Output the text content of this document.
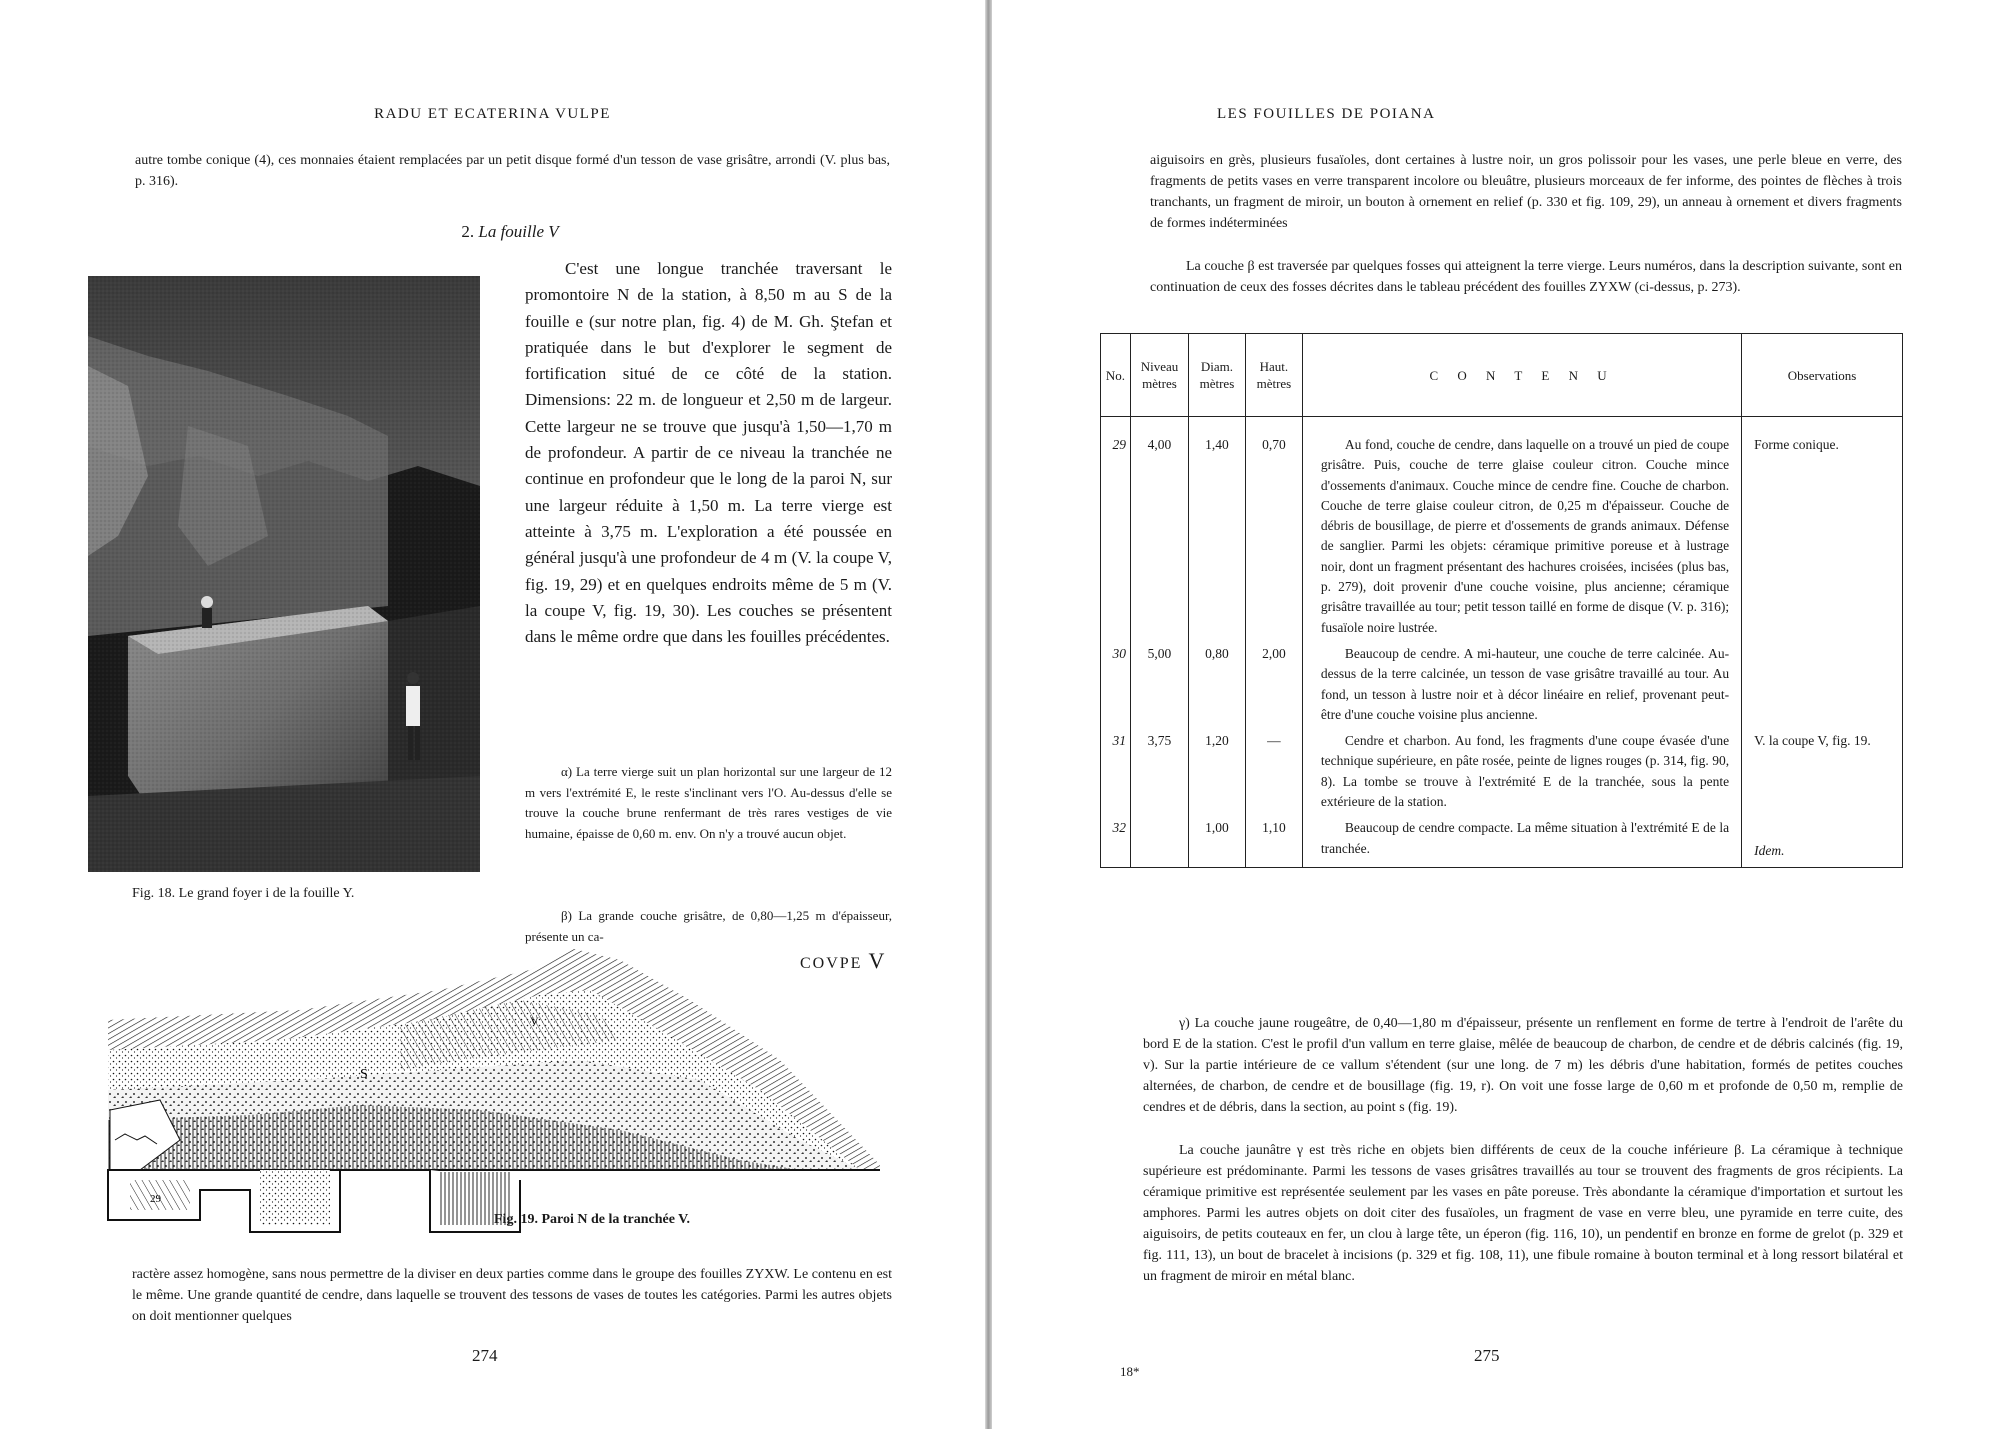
RADU ET ECATERINA VULPE

autre tombe conique (4), ces monnaies étaient remplacées par un petit disque formé d'un tesson de vase grisâtre, arrondi (V. plus bas, p. 316).

2. La fouille V

C'est une longue tranchée traversant le promontoire N de la station, à 8,50 m au S de la fouille e (sur notre plan, fig. 4) de M. Gh. Ştefan et pratiquée dans le but d'explorer le segment de fortification situé de ce côté de la station. Dimensions: 22 m. de longueur et 2,50 m de largeur. Cette largeur ne se trouve que jusqu'à 1,50—1,70 m de profondeur. A partir de ce niveau la tranchée ne continue en profondeur que le long de la paroi N, sur une largeur réduite à 1,50 m. La terre vierge est atteinte à 3,75 m. L'exploration a été poussée en général jusqu'à une profondeur de 4 m (V. la coupe V, fig. 19, 29) et en quelques endroits même de 5 m (V. la coupe V, fig. 19, 30). Les couches se présentent dans le même ordre que dans les fouilles précédentes.

α) La terre vierge suit un plan horizontal sur une largeur de 12 m vers l'extrémité E, le reste s'inclinant vers l'O. Au-dessus d'elle se trouve la couche brune renfermant de très rares vestiges de vie humaine, épaisse de 0,60 m. env. On n'y a trouvé aucun objet.

β) La grande couche grisâtre, de 0,80—1,25 m d'épaisseur, présente un ca-

Fig. 18. Le grand foyer i de la fouille Y.
COVPE V
S
V
29
Fig. 19. Paroi N de la tranchée V.

ractère assez homogène, sans nous permettre de la diviser en deux parties comme dans le groupe des fouilles ZYXW. Le contenu en est le même. Une grande quantité de cendre, dans laquelle se trouvent des tessons de vases de toutes les catégories. Parmi les autres objets on doit mentionner quelques

274
LES FOUILLES DE POIANA

aiguisoirs en grès, plusieurs fusaïoles, dont certaines à lustre noir, un gros polissoir pour les vases, une perle bleue en verre, des fragments de petits vases en verre transparent incolore ou bleuâtre, plusieurs morceaux de fer informe, des pointes de flèches à trois tranchants, un fragment de miroir, un bouton à ornement en relief (p. 330 et fig. 109, 29), un anneau à ornement et divers fragments de formes indéterminées

La couche β est traversée par quelques fosses qui atteignent la terre vierge. Leurs numéros, dans la description suivante, sont en continuation de ceux des fosses décrites dans le tableau précédent des fouilles ZYXW (ci-dessus, p. 273).

No.	Niveau mètres	Diam. mètres	Haut. mètres	C O N T E N U	Observations
29	4,00	1,40	0,70	Au fond, couche de cendre, dans laquelle on a trouvé un pied de coupe grisâtre. Puis, couche de terre glaise couleur citron. Couche mince d'ossements d'animaux. Couche mince de cendre fine. Couche de charbon. Couche de terre glaise couleur citron, de 0,25 m d'épaisseur. Couche de débris de bousillage, de pierre et d'ossements de grands animaux. Défense de sanglier. Parmi les objets: céramique primitive poreuse et à lustrage noir, dont un fragment présentant des hachures croisées, incisées (plus bas, p. 279), doit provenir d'une couche voisine, plus ancienne; céramique grisâtre travaillée au tour; petit tesson taillé en forme de disque (V. p. 316); fusaïole noire lustrée.	Forme conique.
30	5,00	0,80	2,00	Beaucoup de cendre. A mi-hauteur, une couche de terre calcinée. Au-dessus de la terre calcinée, un tesson de vase grisâtre travaillé au tour. Au fond, un tesson à lustre noir et à décor linéaire en relief, provenant peut-être d'une couche voisine plus ancienne.	

31	3,75	1,20	—	Cendre et charbon. Au fond, les fragments d'une coupe évasée d'une technique supérieure, en pâte rosée, peinte de lignes rouges (p. 314, fig. 90, 8). La tombe se trouve à l'extrémité E de la tranchée, sous la pente extérieure de la station.	V. la coupe V, fig. 19.
32		1,00	1,10	Beaucoup de cendre compacte. La même situation à l'extrémité E de la tranchée.	Idem.

γ) La couche jaune rougeâtre, de 0,40—1,80 m d'épaisseur, présente un renflement en forme de tertre à l'endroit de l'arête du bord E de la station. C'est le profil d'un vallum en terre glaise, mêlée de beaucoup de charbon, de cendre et de débris calcinés (fig. 19, v). Sur la partie intérieure de ce vallum s'étendent (sur une long. de 7 m) les débris d'une habitation, formés de petites couches alternées, de charbon, de cendre et de bousillage (fig. 19, r). On voit une fosse large de 0,60 m et profonde de 0,50 m, remplie de cendres et de débris, dans la section, au point s (fig. 19).

La couche jaunâtre γ est très riche en objets bien différents de ceux de la couche inférieure β. La céramique à technique supérieure est prédominante. Parmi les tessons de vases grisâtres travaillés au tour se trouvent des fragments de gros récipients. La céramique primitive est représentée seulement par les vases en pâte poreuse. Très abondante la céramique d'importation et surtout les amphores. Parmi les autres objets on doit citer des fusaïoles, un fragment de vase en verre bleu, une pyramide en terre cuite, des aiguisoirs, de petits couteaux en fer, un clou à large tête, un éperon (fig. 116, 10), un pendentif en bronze en forme de grelot (p. 329 et fig. 111, 13), un bout de bracelet à incisions (p. 329 et fig. 108, 11), une fibule romaine à bouton terminal et à long ressort bilatéral et un fragment de miroir en métal blanc.

18*
275
